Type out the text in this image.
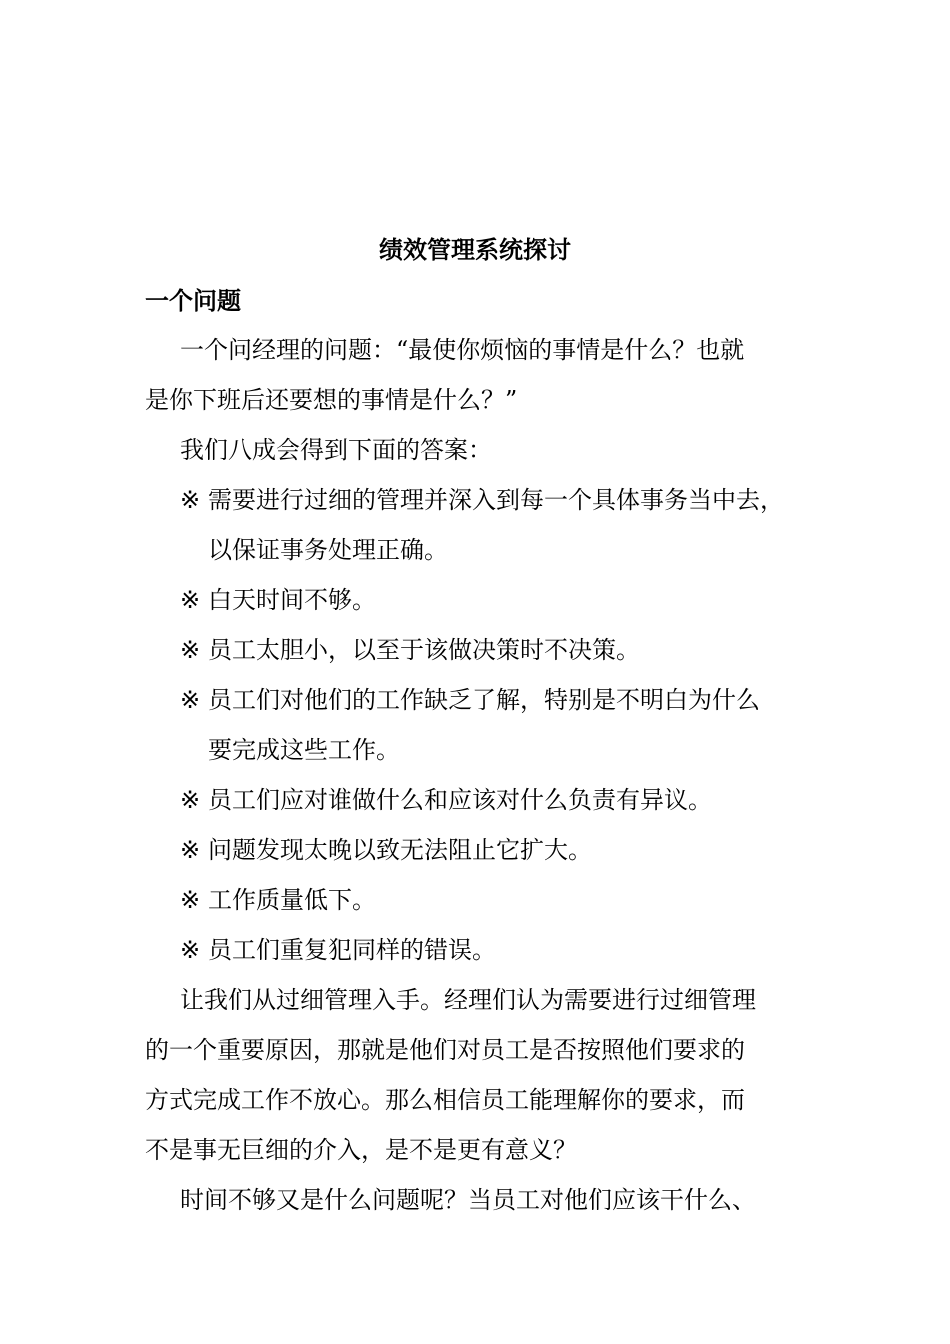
绩效管理系统探讨
一个问题
一个问经理的问题：“最使你烦恼的事情是什么？也就
是你下班后还要想的事情是什么？”
我们八成会得到下面的答案：
※ 需要进行过细的管理并深入到每一个具体事务当中去，
以保证事务处理正确。
※ 白天时间不够。
※ 员工太胆小，以至于该做决策时不决策。
※ 员工们对他们的工作缺乏了解，特别是不明白为什么
要完成这些工作。
※ 员工们应对谁做什么和应该对什么负责有异议。
※ 问题发现太晚以致无法阻止它扩大。
※ 工作质量低下。
※ 员工们重复犯同样的错误。
让我们从过细管理入手。经理们认为需要进行过细管理
的一个重要原因，那就是他们对员工是否按照他们要求的
方式完成工作不放心。那么相信员工能理解你的要求，而
不是事无巨细的介入，是不是更有意义？
时间不够又是什么问题呢？当员工对他们应该干什么、
